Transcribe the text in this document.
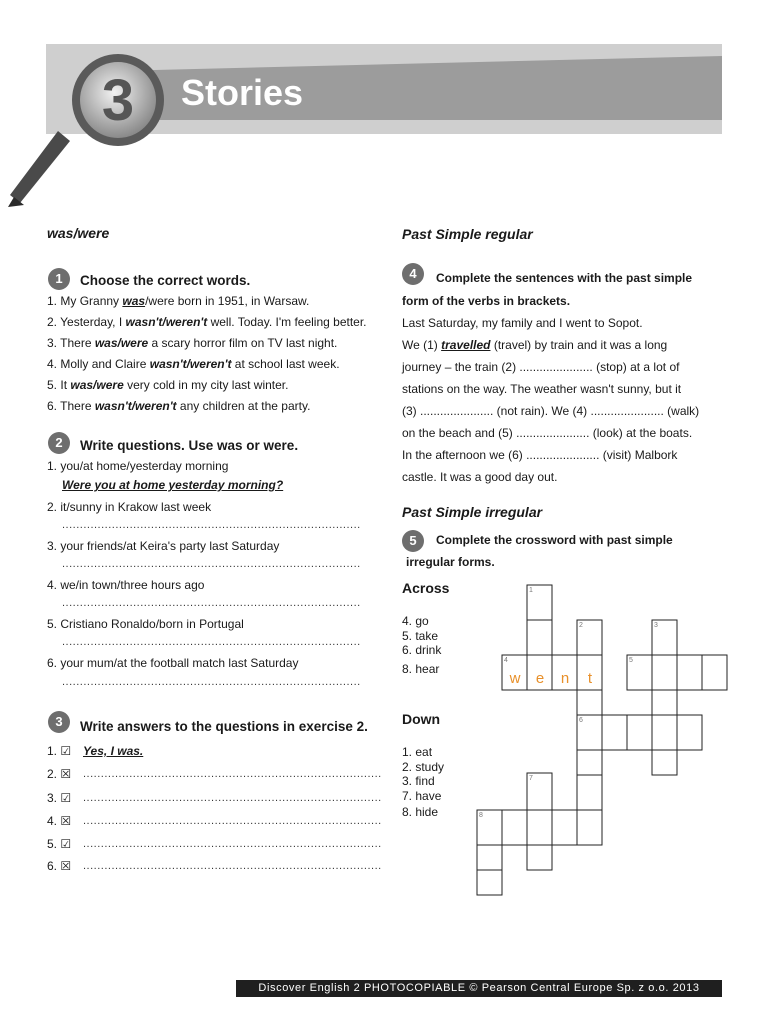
3 Stories
was/were
1	Choose the correct words.
1. My Granny was/were born in 1951, in Warsaw.
2. Yesterday, I wasn't/weren't well. Today. I'm feeling better.
3. There was/were a scary horror film on TV last night.
4. Molly and Claire wasn't/weren't at school last week.
5. It was/were very cold in my city last winter.
6. There wasn't/weren't any children at the party.
2	Write questions. Use was or were.
1. you/at home/yesterday morning
Were you at home yesterday morning?
2. it/sunny in Krakow last week
....................................................................................
3. your friends/at Keira's party last Saturday
....................................................................................
4. we/in town/three hours ago
....................................................................................
5. Cristiano Ronaldo/born in Portugal
....................................................................................
6. your mum/at the football match last Saturday
....................................................................................
3	Write answers to the questions in exercise 2.
1. ☑ Yes, I was.
2. ☒ ....................................................................................
3. ☑ ....................................................................................
4. ☒ ....................................................................................
5. ☑ ....................................................................................
6. ☒ ....................................................................................
Past Simple regular
4	Complete the sentences with the past simple
form of the verbs in brackets.
Last Saturday, my family and I went to Sopot.
We (1) travelled (travel) by train and it was a long
journey – the train (2) ...................... (stop) at a lot of
stations on the way. The weather wasn't sunny, but it
(3) ...................... (not rain). We (4) ...................... (walk)
on the beach and (5) ...................... (look) at the boats.
In the afternoon we (6) ...................... (visit) Malbork
castle. It was a good day out.
Past Simple irregular
5	Complete the crossword with past simple
irregular forms.
Across
4. go
5. take
6. drink
8. hear
Down
1. eat
2. study
3. find
7. have
8. hide
1
2	3
4	5
6
7
8
w e n t
Discover English 2 PHOTOCOPIABLE © Pearson Central Europe Sp. z o.o. 2013
